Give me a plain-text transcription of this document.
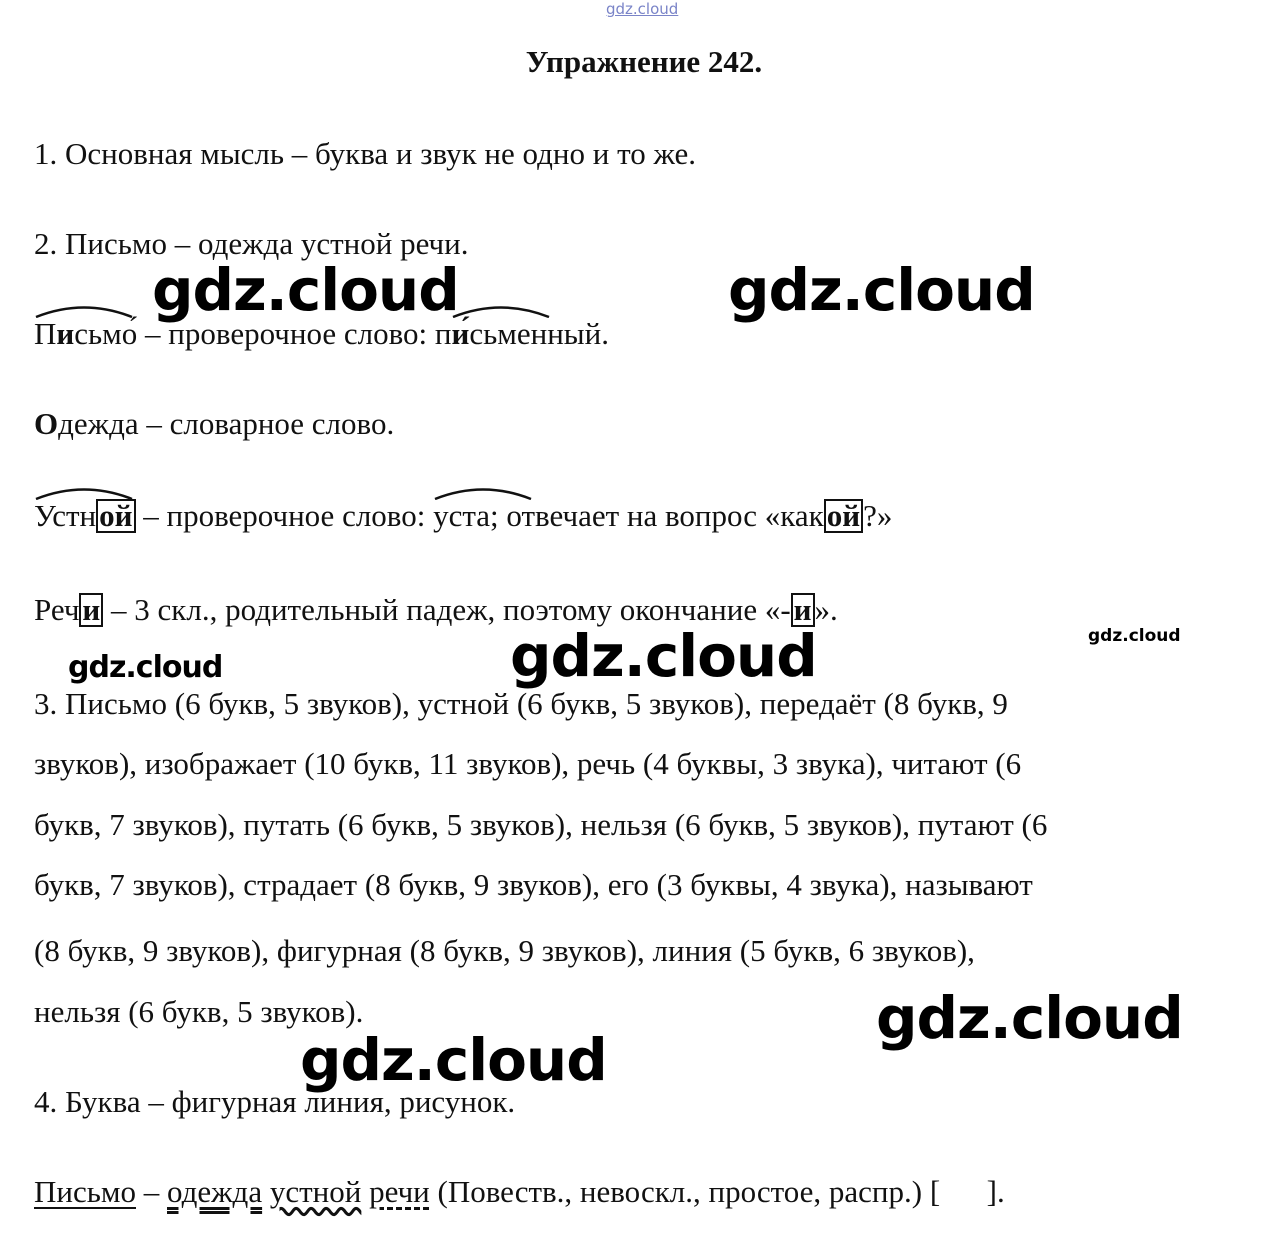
gdz.cloud
Упражнение 242.
1. Основная мысль – буква и звук не одно и то же.
2. Письмо – одежда устной речи.
Письмо́ – проверочное слово: п
и́сьменный.
Одежда – словарное слово.
Устной – проверочное слово:
уста; отвечает на вопрос «какой?»
Речи – 3 скл., родительный падеж, поэтому окончание «-и».
3. Письмо (6 букв, 5 звуков), устной (6 букв, 5 звуков), передаёт (8 букв, 9
звуков), изображает (10 букв, 11 звуков), речь (4 буквы, 3 звука), читают (6
букв, 7 звуков), путать (6 букв, 5 звуков), нельзя (6 букв, 5 звуков), путают (6
букв, 7 звуков), страдает (8 букв, 9 звуков), его (3 буквы, 4 звука), называют
(8 букв, 9 звуков), фигурная (8 букв, 9 звуков), линия (5 букв, 6 звуков),
нельзя (6 букв, 5 звуков).
4. Буква – фигурная линия, рисунок.
Письмо – одежда устной речи (Повеств., невоскл., простое, распр.) [      ].
gdz.cloud	gdz.cloud
gdz.cloud
gdz.cloud	gdz.cloud
gdz.cloud
gdz.cloud
